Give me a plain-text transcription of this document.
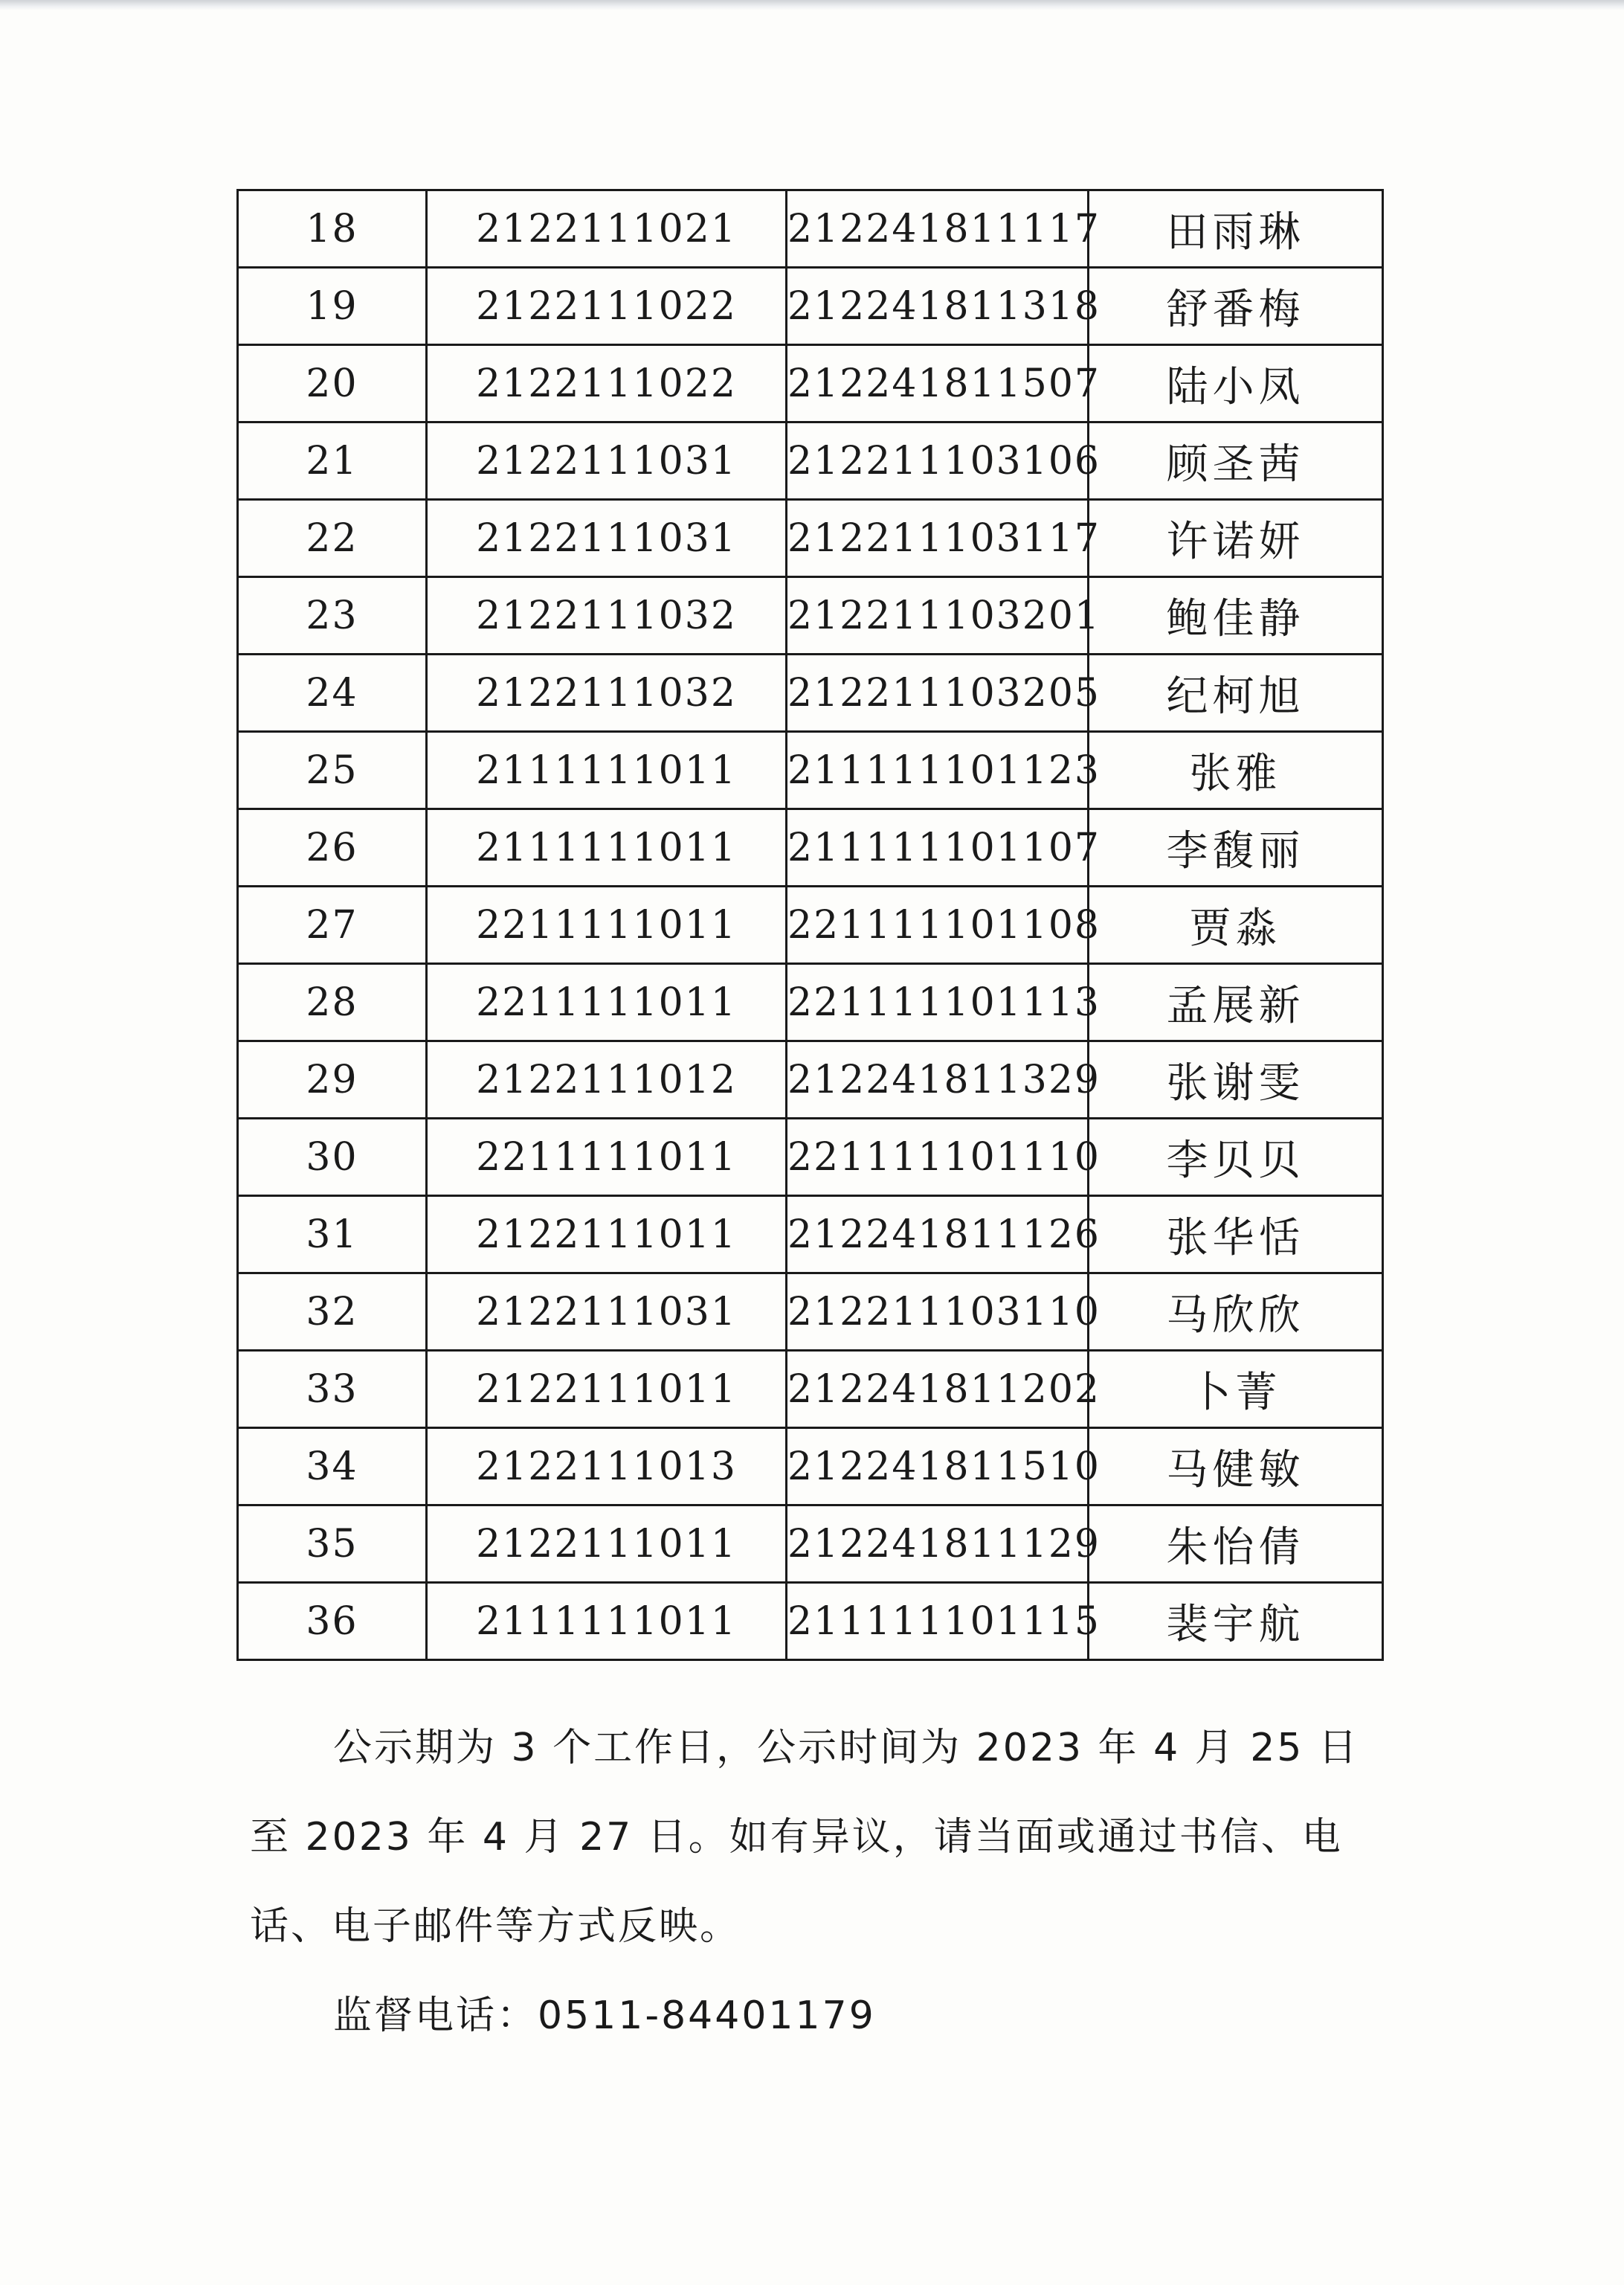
18	2122111021	212241811117	田雨琳
19	2122111022	212241811318	舒番梅
20	2122111022	212241811507	陆小凤
21	2122111031	212211103106	顾圣茜
22	2122111031	212211103117	许诺妍
23	2122111032	212211103201	鲍佳静
24	2122111032	212211103205	纪柯旭
25	2111111011	211111101123	张雅
26	2111111011	211111101107	李馥丽
27	2211111011	221111101108	贾淼
28	2211111011	221111101113	孟展新
29	2122111012	212241811329	张谢雯
30	2211111011	221111101110	李贝贝
31	2122111011	212241811126	张华恬
32	2122111031	212211103110	马欣欣
33	2122111011	212241811202	卜菁
34	2122111013	212241811510	马健敏
35	2122111011	212241811129	朱怡倩
36	2111111011	211111101115	裴宇航

公示期为 3 个工作日，公示时间为 2023 年 4 月 25 日至 2023 年 4 月 27 日。如有异议，请当面或通过书信、电话、电子邮件等方式反映。

监督电话：0511-84401179
